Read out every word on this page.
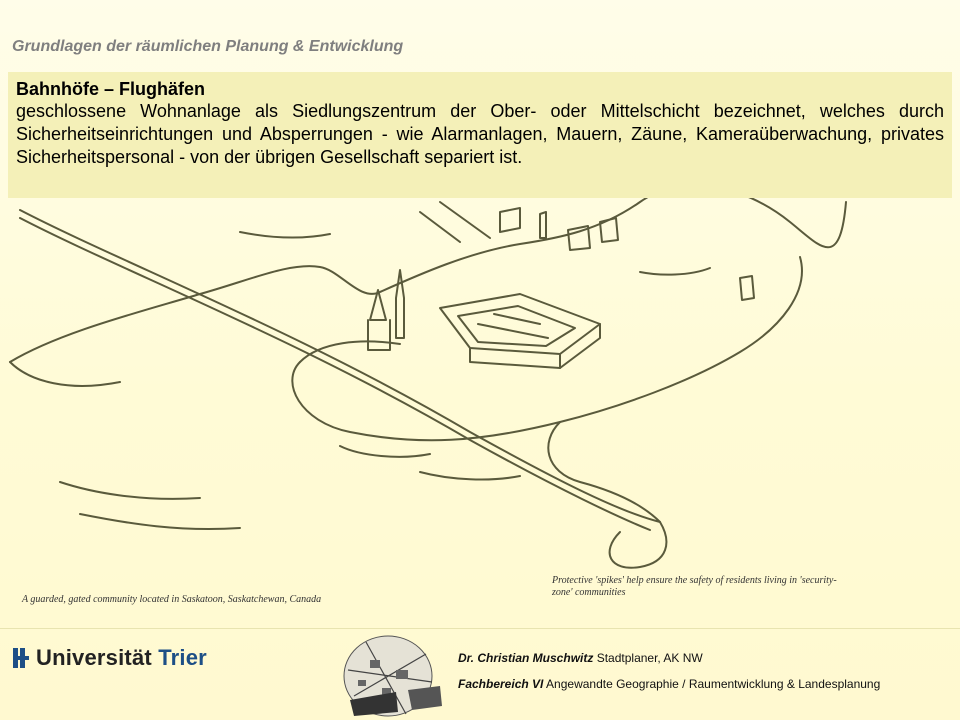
Grundlagen der räumlichen Planung & Entwicklung
Bahnhöfe – Flughäfen
geschlossene Wohnanlage als Siedlungszentrum der Ober- oder Mittelschicht bezeichnet, welches durch Sicherheitseinrichtungen und Absperrungen - wie Alarmanlagen, Mauern, Zäune, Kameraüberwachung, privates Sicherheitspersonal - von der übrigen Gesellschaft separiert ist.
A guarded, gated community located in Saskatoon, Saskatchewan, Canada
Protective 'spikes' help ensure the safety of residents living in 'security-zone' communities
Universität Trier	Dr. Christian Muschwitz Stadtplaner, AK NW
Fachbereich VI Angewandte Geographie / Raumentwicklung & Landesplanung
